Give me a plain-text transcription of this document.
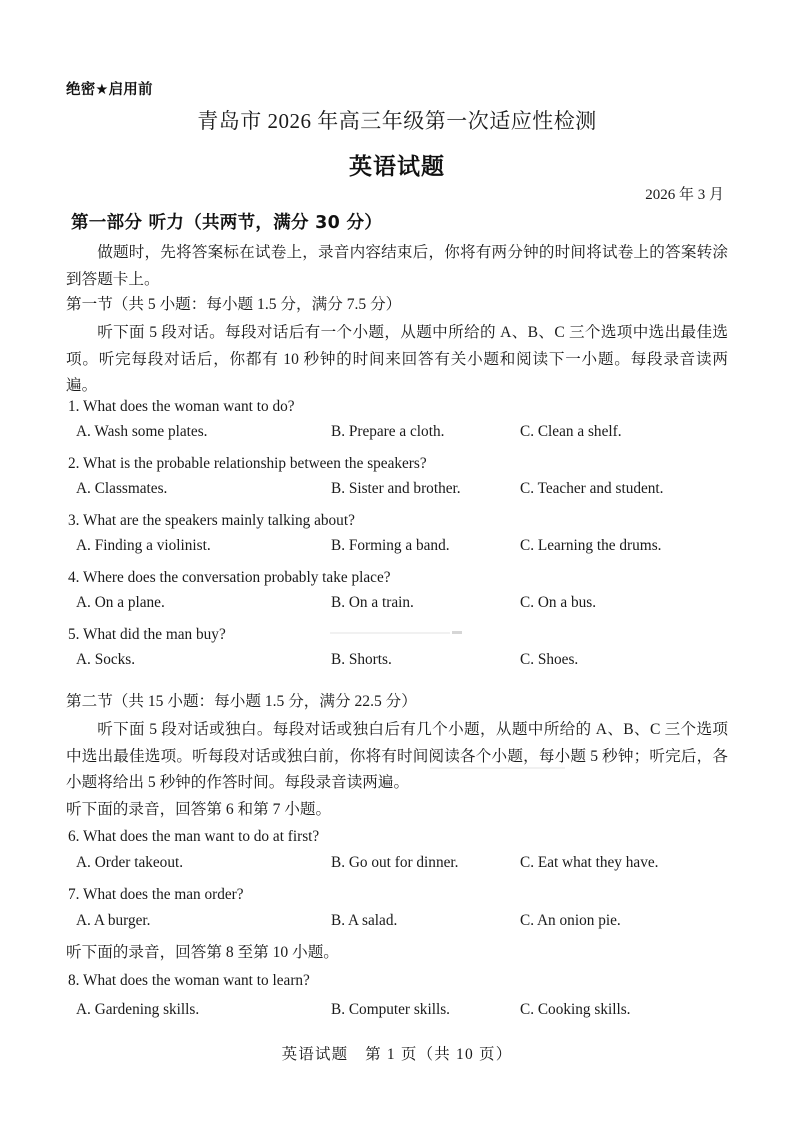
绝密★启用前
青岛市 2026 年高三年级第一次适应性检测
英语试题
2026 年 3 月
第一部分 听力（共两节，满分 30 分）
做题时，先将答案标在试卷上，录音内容结束后，你将有两分钟的时间将试卷上的答案转涂到答题卡上。
第一节（共 5 小题：每小题 1.5 分，满分 7.5 分）
听下面 5 段对话。每段对话后有一个小题，从题中所给的 A、B、C 三个选项中选出最佳选项。听完每段对话后，你都有 10 秒钟的时间来回答有关小题和阅读下一小题。每段录音读两遍。
1. What does the woman want to do?
A. Wash some plates.	B. Prepare a cloth.	C. Clean a shelf.
2. What is the probable relationship between the speakers?
A. Classmates.	B. Sister and brother.	C. Teacher and student.
3. What are the speakers mainly talking about?
A. Finding a violinist.	B. Forming a band.	C. Learning the drums.
4. Where does the conversation probably take place?
A. On a plane.	B. On a train.	C. On a bus.
5. What did the man buy?
A. Socks.	B. Shorts.	C. Shoes.
第二节（共 15 小题：每小题 1.5 分，满分 22.5 分）
听下面 5 段对话或独白。每段对话或独白后有几个小题，从题中所给的 A、B、C 三个选项中选出最佳选项。听每段对话或独白前，你将有时间阅读各个小题，每小题 5 秒钟；听完后，各小题将给出 5 秒钟的作答时间。每段录音读两遍。
听下面的录音，回答第 6 和第 7 小题。
6. What does the man want to do at first?
A. Order takeout.	B. Go out for dinner.	C. Eat what they have.
7. What does the man order?
A. A burger.	B. A salad.	C. An onion pie.
听下面的录音，回答第 8 至第 10 小题。
8. What does the woman want to learn?
A. Gardening skills.	B. Computer skills.	C. Cooking skills.
英语试题　第 1 页（共 10 页）
